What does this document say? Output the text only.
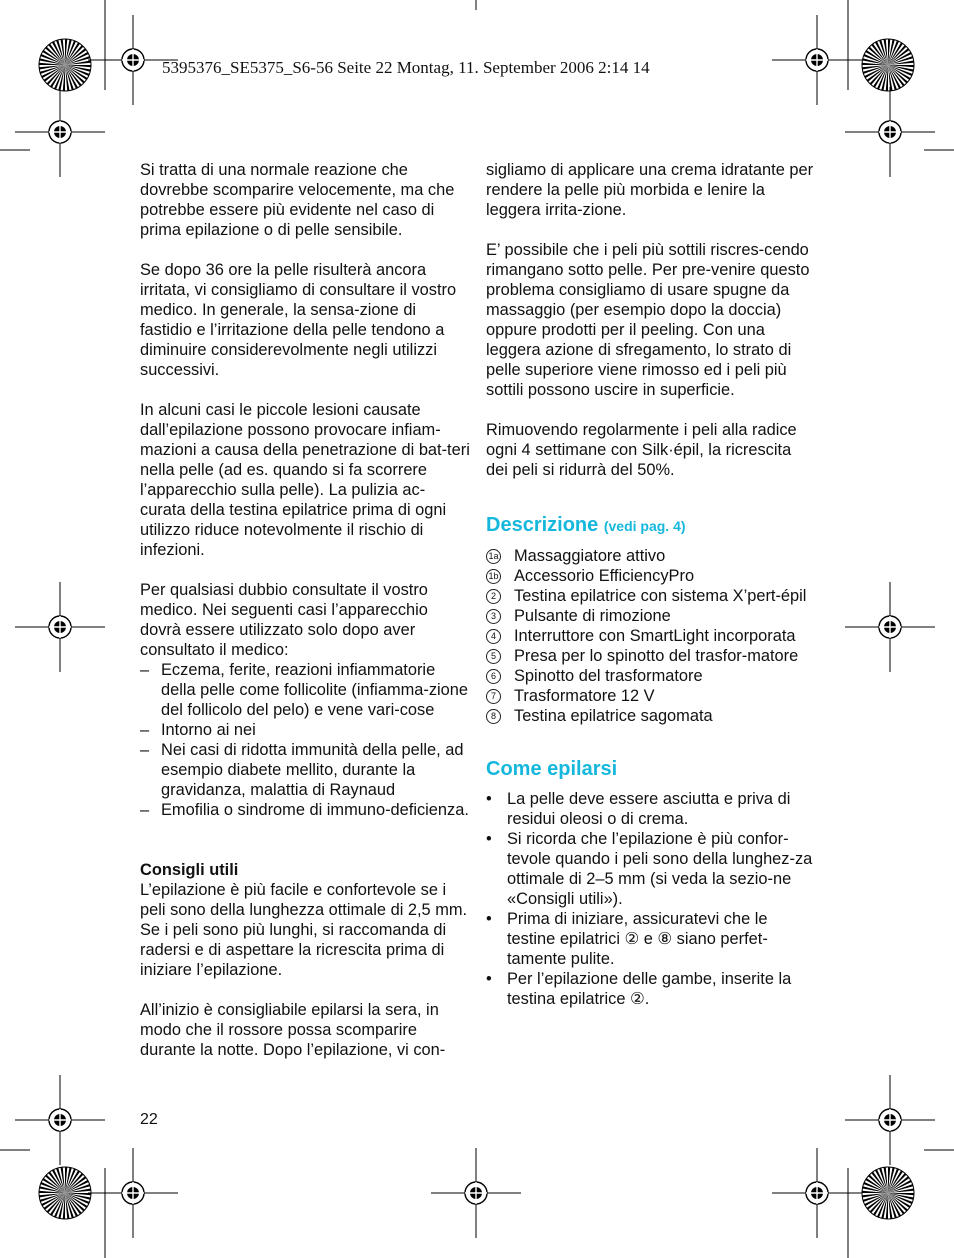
5395376_SE5375_S6-56 Seite 22 Montag, 11. September 2006 2:14 14

Si tratta di una normale reazione che dovrebbe scomparire velocemente, ma che potrebbe essere più evidente nel caso di prima epilazione o di pelle sensibile.

Se dopo 36 ore la pelle risulterà ancora irritata, vi consigliamo di consultare il vostro medico. In generale, la sensa-zione di fastidio e l’irritazione della pelle tendono a diminuire considerevolmente negli utilizzi successivi.

In alcuni casi le piccole lesioni causate dall’epilazione possono provocare infiam-mazioni a causa della penetrazione di bat-teri nella pelle (ad es. quando si fa scorrere l’apparecchio sulla pelle). La pulizia ac-curata della testina epilatrice prima di ogni utilizzo riduce notevolmente il rischio di infezioni.

Per qualsiasi dubbio consultate il vostro medico. Nei seguenti casi l’apparecchio dovrà essere utilizzato solo dopo aver consultato il medico:

– Eczema, ferite, reazioni infiammatorie della pelle come follicolite (infiamma-zione del follicolo del pelo) e vene vari-cose
– Intorno ai nei
– Nei casi di ridotta immunità della pelle, ad esempio diabete mellito, durante la gravidanza, malattia di Raynaud
– Emofilia o sindrome di immuno-deficienza.

Consigli utili

L’epilazione è più facile e confortevole se i peli sono della lunghezza ottimale di 2,5 mm. Se i peli sono più lunghi, si raccomanda di radersi e di aspettare la ricrescita prima di iniziare l’epilazione.

All’inizio è consigliabile epilarsi la sera, in modo che il rossore possa scomparire durante la notte. Dopo l’epilazione, vi con-

sigliamo di applicare una crema idratante per rendere la pelle più morbida e lenire la leggera irrita-zione.

E’ possibile che i peli più sottili riscres-cendo rimangano sotto pelle. Per pre-venire questo problema consigliamo di usare spugne da massaggio (per esempio dopo la doccia) oppure prodotti per il peeling. Con una leggera azione di sfregamento, lo strato di pelle superiore viene rimosso ed i peli più sottili possono uscire in superficie.

Rimuovendo regolarmente i peli alla radice ogni 4 settimane con Silk·épil, la ricrescita dei peli si ridurrà del 50%.

Descrizione (vedi pag. 4)

1a Massaggiatore attivo
1b Accessorio EfficiencyPro
2	Testina epilatrice con sistema X’pert-épil
3	Pulsante di rimozione
4	Interruttore con SmartLight incorporata
5	Presa per lo spinotto del trasfor-matore
6	Spinotto del trasformatore
7	Trasformatore 12 V
8	Testina epilatrice sagomata

Come epilarsi

• La pelle deve essere asciutta e priva di residui oleosi o di crema.
• Si ricorda che l’epilazione è più confor-tevole quando i peli sono della lunghez-za ottimale di 2–5 mm (si veda la sezio-ne «Consigli utili»).
• Prima di iniziare, assicuratevi che le testine epilatrici ② e ⑧ siano perfet-tamente pulite.
• Per l’epilazione delle gambe, inserite la testina epilatrice ②.
22
